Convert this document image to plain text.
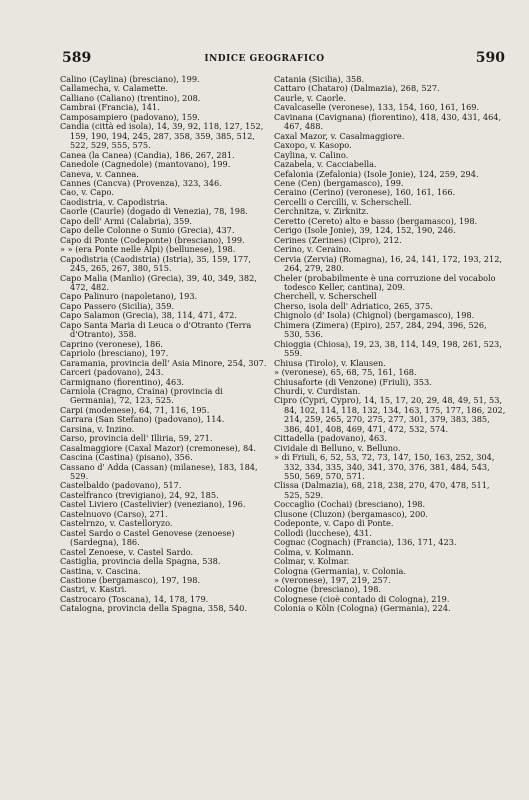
589	INDICE GEOGRAFICO	590

Calino (Caylina) (bresciano), 199.

Callamecha, v. Calamette.

Calliano (Caliano) (trentino), 208.

Cambrai (Francia), 141.

Camposampiero (padovano), 159.

Candia (città ed isola), 14, 39, 92, 118, 127, 152, 159, 190, 194, 245, 287, 358, 359, 385, 512, 522, 529, 555, 575.

Canea (la Canea) (Candia), 186, 267, 281.

Canedole (Cagnedole) (mantovano), 199.

Caneva, v. Cannea.

Cannes (Cancva) (Provenza), 323, 346.

Cao, v. Capo.

Caodistria, v. Capodistria.

Caorle (Caurle) (dogado di Venezia), 78, 198.

Capo dell' Armi (Calabria), 359.

Capo delle Colonne o Sunio (Grecia), 437.

Capo di Ponte (Codeponte) (bresciano), 199.

» » (era Ponte nelle Alpi) (bellunese), 198.

Capodistria (Caodistria) (Istria), 35, 159, 177, 245, 265, 267, 380, 515.

Capo Malia (Manlio) (Grecia), 39, 40, 349, 382, 472, 482.

Capo Palinuro (napoletano), 193.

Capo Passero (Sicilia), 359.

Capo Salamon (Grecia), 38, 114, 471, 472.

Capo Santa Maria di Leuca o d'Otranto (Terra d'Otranto), 358.

Caprino (veronese), 186.

Capriolo (bresciano), 197.

Caramania, provincia dell' Asia Minore, 254, 307.

Carceri (padovano), 243.

Carmignano (fiorentino), 463.

Carniola (Cragno, Craina) (provincia di Germania), 72, 123, 525.

Carpi (modenese), 64, 71, 116, 195.

Carrara (San Stefano) (padovano), 114.

Carsina, v. Inzino.

Carso, provincia dell' Illiria, 59, 271.

Casalmaggiore (Caxal Mazor) (cremonese), 84.

Cascina (Castina) (pisano), 356.

Cassano d' Adda (Cassan) (milanese), 183, 184, 529.

Castelbaldo (padovano), 517.

Castelfranco (trevigiano), 24, 92, 185.

Castel Liviero (Castelivier) (veneziano), 196.

Castelnuovo (Carso), 271.

Castelrnzo, v. Castelloryzo.

Castel Sardo o Castel Genovese (zenoese) (Sardegna), 186.

Castel Zenoese, v. Castel Sardo.

Castiglia, provincia della Spagna, 538.

Castina, v. Cascina.

Castione (bergamasco), 197, 198.

Castri, v. Kastri.

Castrocaro (Toscana), 14, 178, 179.

Catalogna, provincia della Spagna, 358, 540.

Catania (Sicilia), 358.

Cattaro (Chataro) (Dalmazia), 268, 527.

Caurle, v. Caorle.

Cavalcaselle (veronese), 133, 154, 160, 161, 169.

Cavinana (Cavignana) (fiorentino), 418, 430, 431, 464, 467, 488.

Caxal Mazor, v. Casalmaggiore.

Caxopo, v. Kasopo.

Caylina, v. Calino.

Cazabela, v. Cacciabella.

Cefalonia (Zefalonia) (Isole Jonie), 124, 259, 294.

Cene (Cen) (bergamasco), 199.

Ceraino (Cerino) (veronese), 160, 161, 166.

Cercelli o Cercilli, v. Scherschell.

Cerchnitza, v. Zirknitz.

Ceretto (Cereto) alto e basso (bergamasco), 198.

Cerigo (Isole Jonie), 39, 124, 152, 190, 246.

Cerines (Zerines) (Cipro), 212.

Cerino, v. Ceraino.

Cervia (Zervia) (Romagna), 16, 24, 141, 172, 193, 212, 264, 279, 280.

Cheler (probabilmente è una corruzione del vocabolo todesco Keller, cantina), 209.

Cherchell, v. Scherschell

Cherso, isola dell' Adriatico, 265, 375.

Chignolo (d' Isola) (Chignol) (bergamasco), 198.

Chimera (Zimera) (Epiro), 257, 284, 294, 396, 526, 530, 536.

Chioggia (Chiosa), 19, 23, 38, 114, 149, 198, 261, 523, 559.

Chiusa (Tirolo), v. Klausen.

» (veronese), 65, 68, 75, 161, 168.

Chiusaforte (di Venzone) (Friuli), 353.

Churdi, v. Curdistan.

Cipro (Cypri, Cypro), 14, 15, 17, 20, 29, 48, 49, 51, 53, 84, 102, 114, 118, 132, 134, 163, 175, 177, 186, 202, 214, 259, 265, 270, 275, 277, 301, 379, 383, 385, 386, 401, 408, 469, 471, 472, 532, 574.

Cittadella (padovano), 463.

Cividale di Belluno, v. Belluno.

» di Friuli, 6, 52, 53, 72, 73, 147, 150, 163, 252, 304, 332, 334, 335, 340, 341, 370, 376, 381, 484, 543, 550, 569, 570, 571.

Clissa (Dalmazia), 68, 218, 238, 270, 470, 478, 511, 525, 529.

Coccaglio (Cochai) (bresciano), 198.

Clusone (Cluzon) (bergamasco), 200.

Codeponte, v. Capo di Ponte.

Collodi (lucchese), 431.

Cognac (Cognach) (Francia), 136, 171, 423.

Colma, v. Kolmann.

Colmar, v. Kolmar.

Cologna (Germania), v. Colonia.

» (veronese), 197, 219, 257.

Cologne (bresciano), 198.

Colognese (cioè contado di Cologna), 219.

Colonia o Köln (Cologna) (Germania), 224.
